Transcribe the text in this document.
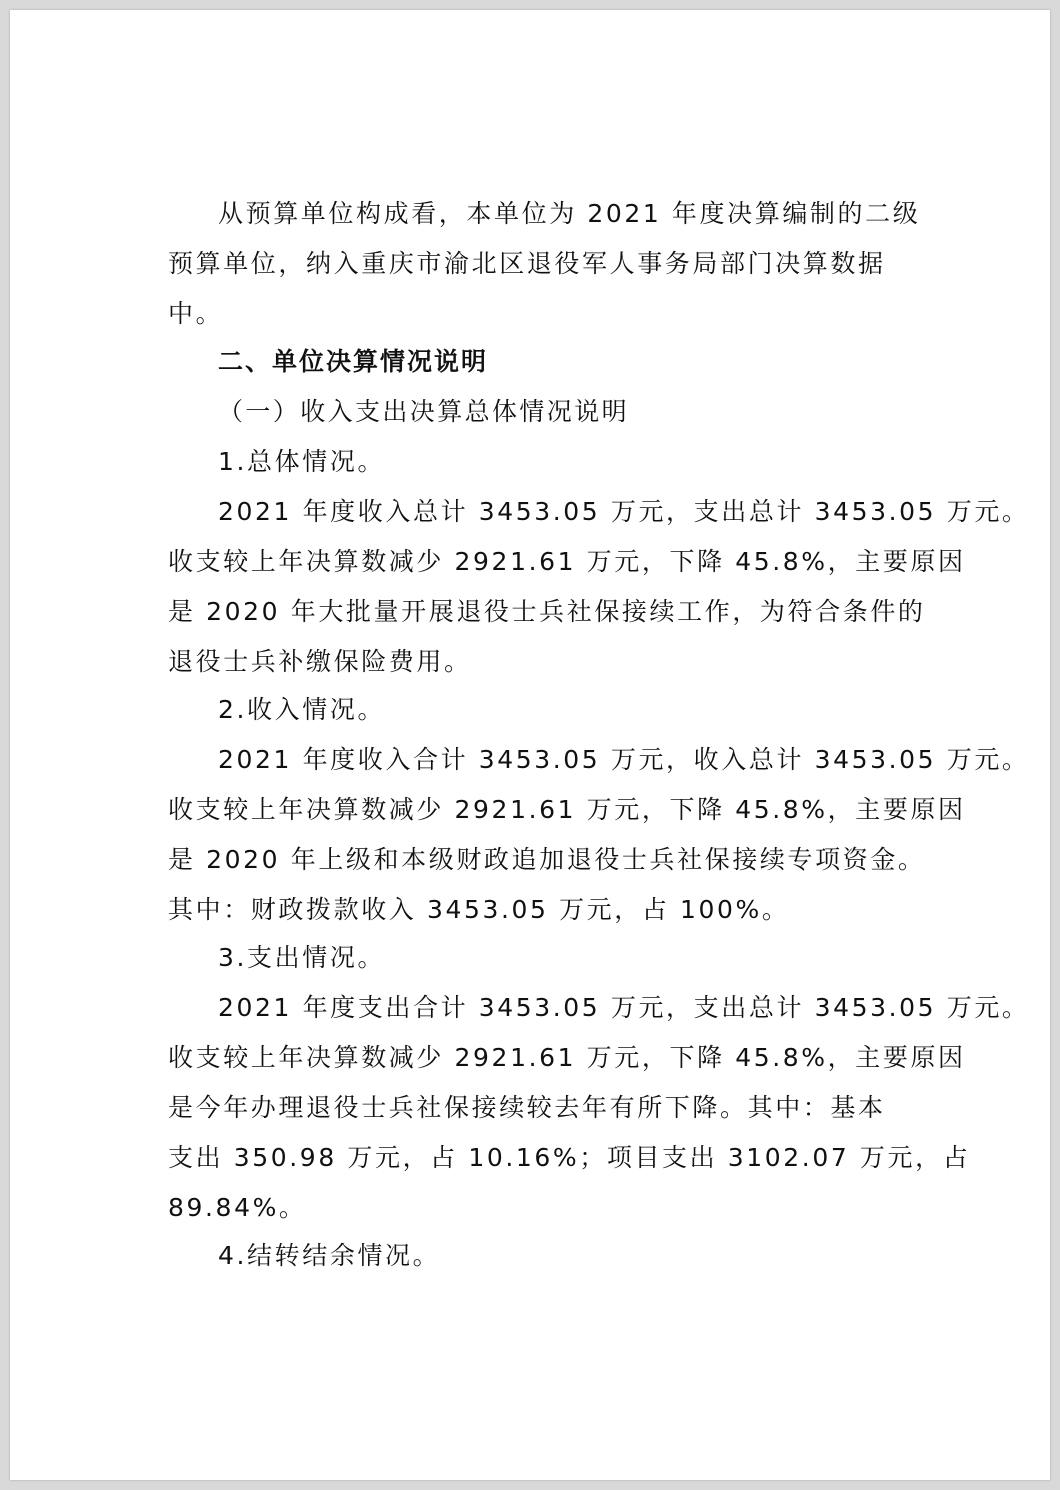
从预算单位构成看，本单位为 2021 年度决算编制的二级
预算单位，纳入重庆市渝北区退役军人事务局部门决算数据
中。
二、单位决算情况说明
（一）收入支出决算总体情况说明
1.总体情况。
2021 年度收入总计 3453.05 万元，支出总计 3453.05 万元。
收支较上年决算数减少 2921.61 万元，下降 45.8%，主要原因
是 2020 年大批量开展退役士兵社保接续工作，为符合条件的
退役士兵补缴保险费用。
2.收入情况。
2021 年度收入合计 3453.05 万元，收入总计 3453.05 万元。
收支较上年决算数减少 2921.61 万元，下降 45.8%，主要原因
是 2020 年上级和本级财政追加退役士兵社保接续专项资金。
其中：财政拨款收入 3453.05 万元，占 100%。
3.支出情况。
2021 年度支出合计 3453.05 万元，支出总计 3453.05 万元。
收支较上年决算数减少 2921.61 万元，下降 45.8%，主要原因
是今年办理退役士兵社保接续较去年有所下降。其中：基本
支出 350.98 万元，占 10.16%；项目支出 3102.07 万元，占
89.84%。
4.结转结余情况。
